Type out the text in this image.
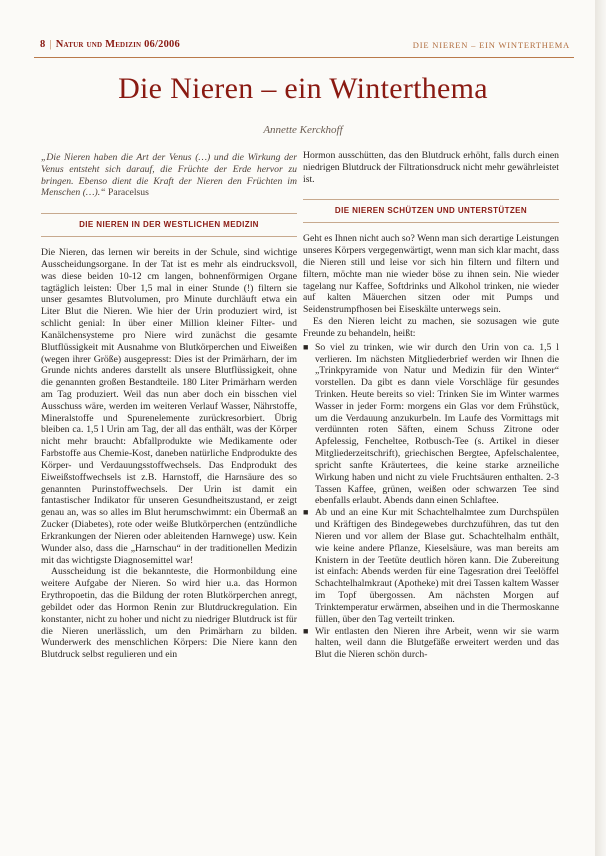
8 | Natur und Medizin 06/2006	DIE NIEREN – EIN WINTERTHEMA
Die Nieren – ein Winterthema
Annette Kerckhoff

„Die Nieren haben die Art der Venus (…) und die Wirkung der Venus entsteht sich darauf, die Früchte der Erde hervor zu bringen. Ebenso dient die Kraft der Nieren den Früchten im Menschen (…).“ Paracelsus

DIE NIEREN IN DER WESTLICHEN MEDIZIN

Die Nieren, das lernen wir bereits in der Schule, sind wichtige Ausscheidungsorgane. In der Tat ist es mehr als eindrucksvoll, was diese beiden 10-12 cm langen, bohnenförmigen Organe tagtäglich leisten: Über 1,5 mal in einer Stunde (!) filtern sie unser gesamtes Blutvolumen, pro Minute durchläuft etwa ein Liter Blut die Nieren. Wie hier der Urin produziert wird, ist schlicht genial: In über einer Million kleiner Filter- und Kanälchensysteme pro Niere wird zunächst die gesamte Blutflüssigkeit mit Ausnahme von Blutkörperchen und Eiweißen (wegen ihrer Größe) ausgepresst: Dies ist der Primärharn, der im Grunde nichts anderes darstellt als unsere Blutflüssigkeit, ohne die genannten großen Bestandteile. 180 Liter Primärharn werden am Tag produziert. Weil das nun aber doch ein bisschen viel Ausschuss wäre, werden im weiteren Verlauf Wasser, Nährstoffe, Mineralstoffe und Spurenelemente zurückresorbiert. Übrig bleiben ca. 1,5 l Urin am Tag, der all das enthält, was der Körper nicht mehr braucht: Abfallprodukte wie Medikamente oder Farbstoffe aus Chemie-Kost, daneben natürliche Endprodukte des Körper- und Verdauungsstoffwechsels. Das Endprodukt des Eiweißstoffwechsels ist z.B. Harnstoff, die Harnsäure des so genannten Purinstoffwechsels. Der Urin ist damit ein fantastischer Indikator für unseren Gesundheitszustand, er zeigt genau an, was so alles im Blut herumschwimmt: ein Übermaß an Zucker (Diabetes), rote oder weiße Blutkörperchen (entzündliche Erkrankungen der Nieren oder ableitenden Harnwege) usw. Kein Wunder also, dass die „Harnschau“ in der traditionellen Medizin mit das wichtigste Diagnosemittel war!

Ausscheidung ist die bekannteste, die Hormonbildung eine weitere Aufgabe der Nieren. So wird hier u.a. das Hormon Erythropoetin, das die Bildung der roten Blutkörperchen anregt, gebildet oder das Hormon Renin zur Blutdruckregulation. Ein konstanter, nicht zu hoher und nicht zu niedriger Blutdruck ist für die Nieren unerlässlich, um den Primärharn zu bilden. Wunderwerk des menschlichen Körpers: Die Niere kann den Blutdruck selbst regulieren und ein

Hormon ausschütten, das den Blutdruck erhöht, falls durch einen niedrigen Blutdruck der Filtrationsdruck nicht mehr gewährleistet ist.

DIE NIEREN SCHÜTZEN UND UNTERSTÜTZEN

Geht es Ihnen nicht auch so? Wenn man sich derartige Leistungen unseres Körpers vergegenwärtigt, wenn man sich klar macht, dass die Nieren still und leise vor sich hin filtern und filtern und filtern, möchte man nie wieder böse zu ihnen sein. Nie wieder tagelang nur Kaffee, Softdrinks und Alkohol trinken, nie wieder auf kalten Mäuerchen sitzen oder mit Pumps und Seidenstrumpfhosen bei Eiseskälte unterwegs sein.

Es den Nieren leicht zu machen, sie sozusagen wie gute Freunde zu behandeln, heißt:

■ So viel zu trinken, wie wir durch den Urin von ca. 1,5 l verlieren. Im nächsten Mitgliederbrief werden wir Ihnen die „Trinkpyramide von Natur und Medizin für den Winter“ vorstellen. Da gibt es dann viele Vorschläge für gesundes Trinken. Heute bereits so viel: Trinken Sie im Winter warmes Wasser in jeder Form: morgens ein Glas vor dem Frühstück, um die Verdauung anzukurbeln. Im Laufe des Vormittags mit verdünnten roten Säften, einem Schuss Zitrone oder Apfelessig, Fencheltee, Rotbusch-Tee (s. Artikel in dieser Mitgliederzeitschrift), griechischen Bergtee, Apfelschalentee, spricht sanfte Kräutertees, die keine starke arzneiliche Wirkung haben und nicht zu viele Fruchtsäuren enthalten. 2-3 Tassen Kaffee, grünen, weißen oder schwarzen Tee sind ebenfalls erlaubt. Abends dann einen Schlaftee.
■ Ab und an eine Kur mit Schachtelhalmtee zum Durchspülen und Kräftigen des Bindegewebes durchzuführen, das tut den Nieren und vor allem der Blase gut. Schachtelhalm enthält, wie keine andere Pflanze, Kieselsäure, was man bereits am Knistern in der Teetüte deutlich hören kann. Die Zubereitung ist einfach: Abends werden für eine Tagesration drei Teelöffel Schachtelhalmkraut (Apotheke) mit drei Tassen kaltem Wasser im Topf übergossen. Am nächsten Morgen auf Trinktemperatur erwärmen, abseihen und in die Thermoskanne füllen, über den Tag verteilt trinken.
■ Wir entlasten den Nieren ihre Arbeit, wenn wir sie warm halten, weil dann die Blutgefäße erweitert werden und das Blut die Nieren schön durch-
